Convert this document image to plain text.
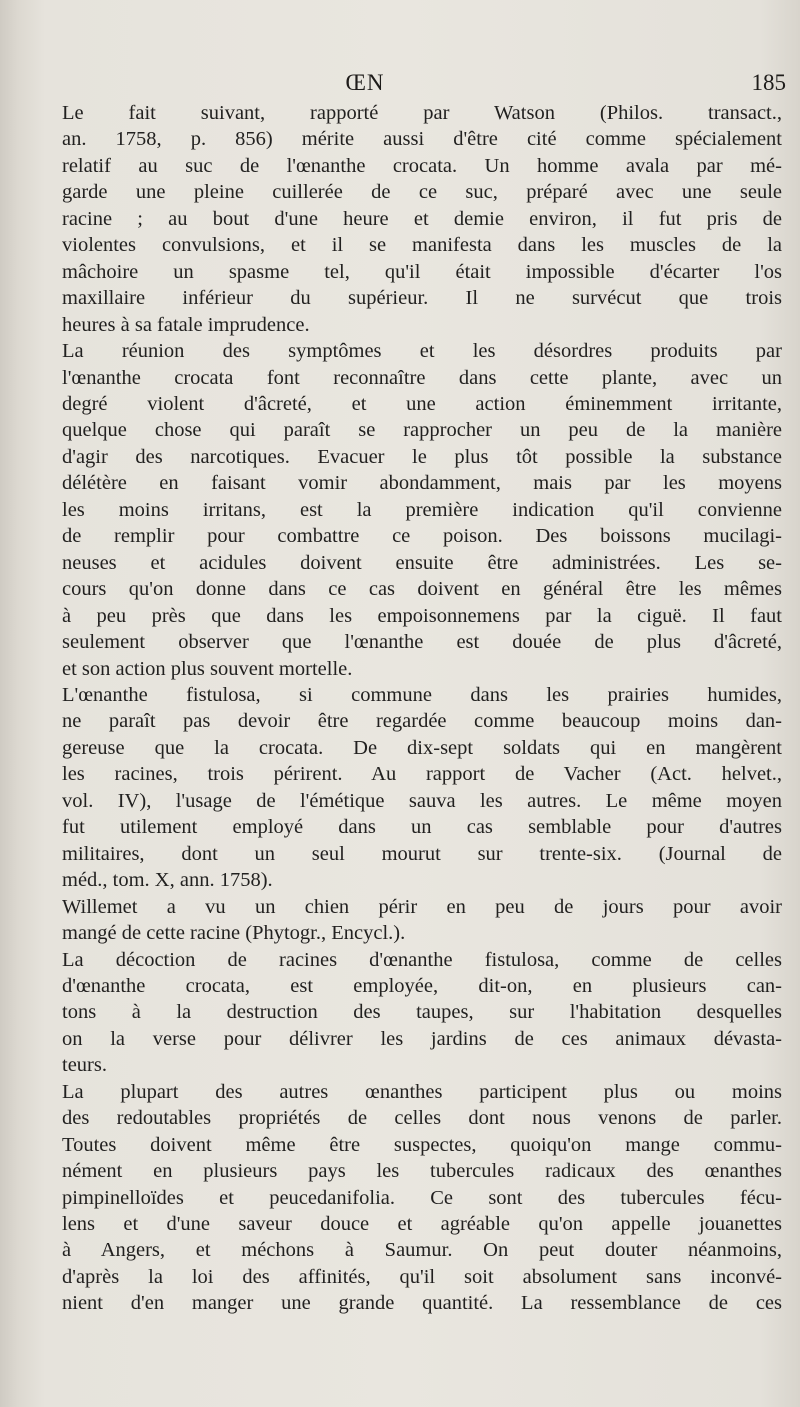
ŒN	185
Le fait suivant, rapporté par Watson (Philos. transact.,
an. 1758, p. 856) mérite aussi d'être cité comme spécialement
relatif au suc de l'œnanthe crocata. Un homme avala par mé-
garde une pleine cuillerée de ce suc, préparé avec une seule
racine ; au bout d'une heure et demie environ, il fut pris de
violentes convulsions, et il se manifesta dans les muscles de la
mâchoire un spasme tel, qu'il était impossible d'écarter l'os
maxillaire inférieur du supérieur. Il ne survécut que trois
heures à sa fatale imprudence.
La réunion des symptômes et les désordres produits par
l'œnanthe crocata font reconnaître dans cette plante, avec un
degré violent d'âcreté, et une action éminemment irritante,
quelque chose qui paraît se rapprocher un peu de la manière
d'agir des narcotiques. Evacuer le plus tôt possible la substance
délétère en faisant vomir abondamment, mais par les moyens
les moins irritans, est la première indication qu'il convienne
de remplir pour combattre ce poison. Des boissons mucilagi-
neuses et acidules doivent ensuite être administrées. Les se-
cours qu'on donne dans ce cas doivent en général être les mêmes
à peu près que dans les empoisonnemens par la ciguë. Il faut
seulement observer que l'œnanthe est douée de plus d'âcreté,
et son action plus souvent mortelle.
L'œnanthe fistulosa, si commune dans les prairies humides,
ne paraît pas devoir être regardée comme beaucoup moins dan-
gereuse que la crocata. De dix-sept soldats qui en mangèrent
les racines, trois périrent. Au rapport de Vacher (Act. helvet.,
vol. IV), l'usage de l'émétique sauva les autres. Le même moyen
fut utilement employé dans un cas semblable pour d'autres
militaires, dont un seul mourut sur trente-six. (Journal de
méd., tom. X, ann. 1758).
Willemet a vu un chien périr en peu de jours pour avoir
mangé de cette racine (Phytogr., Encycl.).
La décoction de racines d'œnanthe fistulosa, comme de celles
d'œnanthe crocata, est employée, dit-on, en plusieurs can-
tons à la destruction des taupes, sur l'habitation desquelles
on la verse pour délivrer les jardins de ces animaux dévasta-
teurs.
La plupart des autres œnanthes participent plus ou moins
des redoutables propriétés de celles dont nous venons de parler.
Toutes doivent même être suspectes, quoiqu'on mange commu-
nément en plusieurs pays les tubercules radicaux des œnanthes
pimpinelloïdes et peucedanifolia. Ce sont des tubercules fécu-
lens et d'une saveur douce et agréable qu'on appelle jouanettes
à Angers, et méchons à Saumur. On peut douter néanmoins,
d'après la loi des affinités, qu'il soit absolument sans inconvé-
nient d'en manger une grande quantité. La ressemblance de ces
